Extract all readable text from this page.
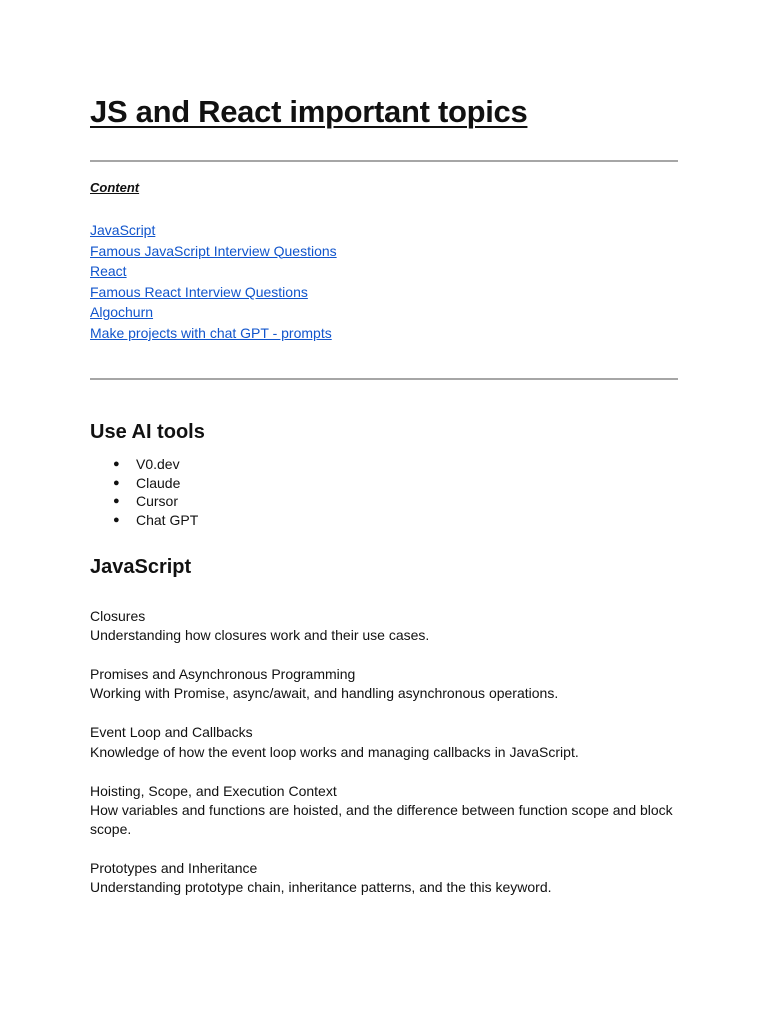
JS and React important topics
Content
JavaScript
Famous JavaScript Interview Questions
React
Famous React Interview Questions
Algochurn
Make projects with chat GPT - prompts
Use AI tools
● V0.dev
● Claude
● Cursor
● Chat GPT
JavaScript
Closures
Understanding how closures work and their use cases.
Promises and Asynchronous Programming
Working with Promise, async/await, and handling asynchronous operations.
Event Loop and Callbacks
Knowledge of how the event loop works and managing callbacks in JavaScript.
Hoisting, Scope, and Execution Context
How variables and functions are hoisted, and the difference between function scope and block scope.
Prototypes and Inheritance
Understanding prototype chain, inheritance patterns, and the this keyword.
